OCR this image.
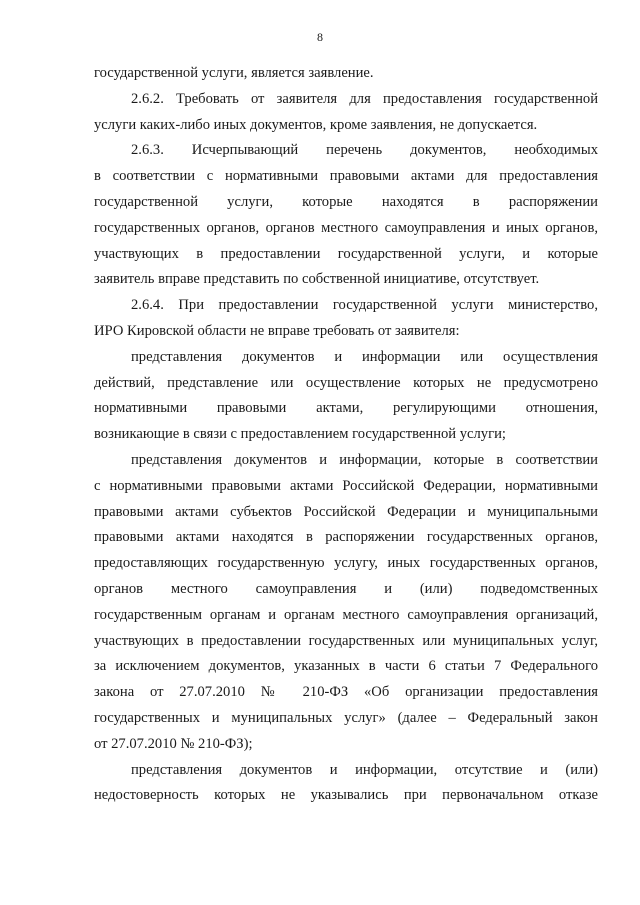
8

государственной услуги, является заявление.

2.6.2. Требовать от заявителя для предоставления государственной

услуги каких-либо иных документов, кроме заявления, не допускается.

2.6.3. Исчерпывающий перечень документов, необходимых

в соответствии с нормативными правовыми актами для предоставления

государственной услуги, которые находятся в распоряжении

государственных органов, органов местного самоуправления и иных органов,

участвующих в предоставлении государственной услуги, и которые

заявитель вправе представить по собственной инициативе, отсутствует.

2.6.4. При предоставлении государственной услуги министерство,

ИРО Кировской области не вправе требовать от заявителя:

представления документов и информации или осуществления

действий, представление или осуществление которых не предусмотрено

нормативными правовыми актами, регулирующими отношения,

возникающие в связи с предоставлением государственной услуги;

представления документов и информации, которые в соответствии

с нормативными правовыми актами Российской Федерации, нормативными

правовыми актами субъектов Российской Федерации и муниципальными

правовыми актами находятся в распоряжении государственных органов,

предоставляющих государственную услугу, иных государственных органов,

органов местного самоуправления и (или) подведомственных

государственным органам и органам местного самоуправления организаций,

участвующих в предоставлении государственных или муниципальных услуг,

за исключением документов, указанных в части 6 статьи 7 Федерального

закона от 27.07.2010 № 210-ФЗ «Об организации предоставления

государственных и муниципальных услуг» (далее – Федеральный закон

от 27.07.2010 № 210-ФЗ);

представления документов и информации, отсутствие и (или)

недостоверность которых не указывались при первоначальном отказе
